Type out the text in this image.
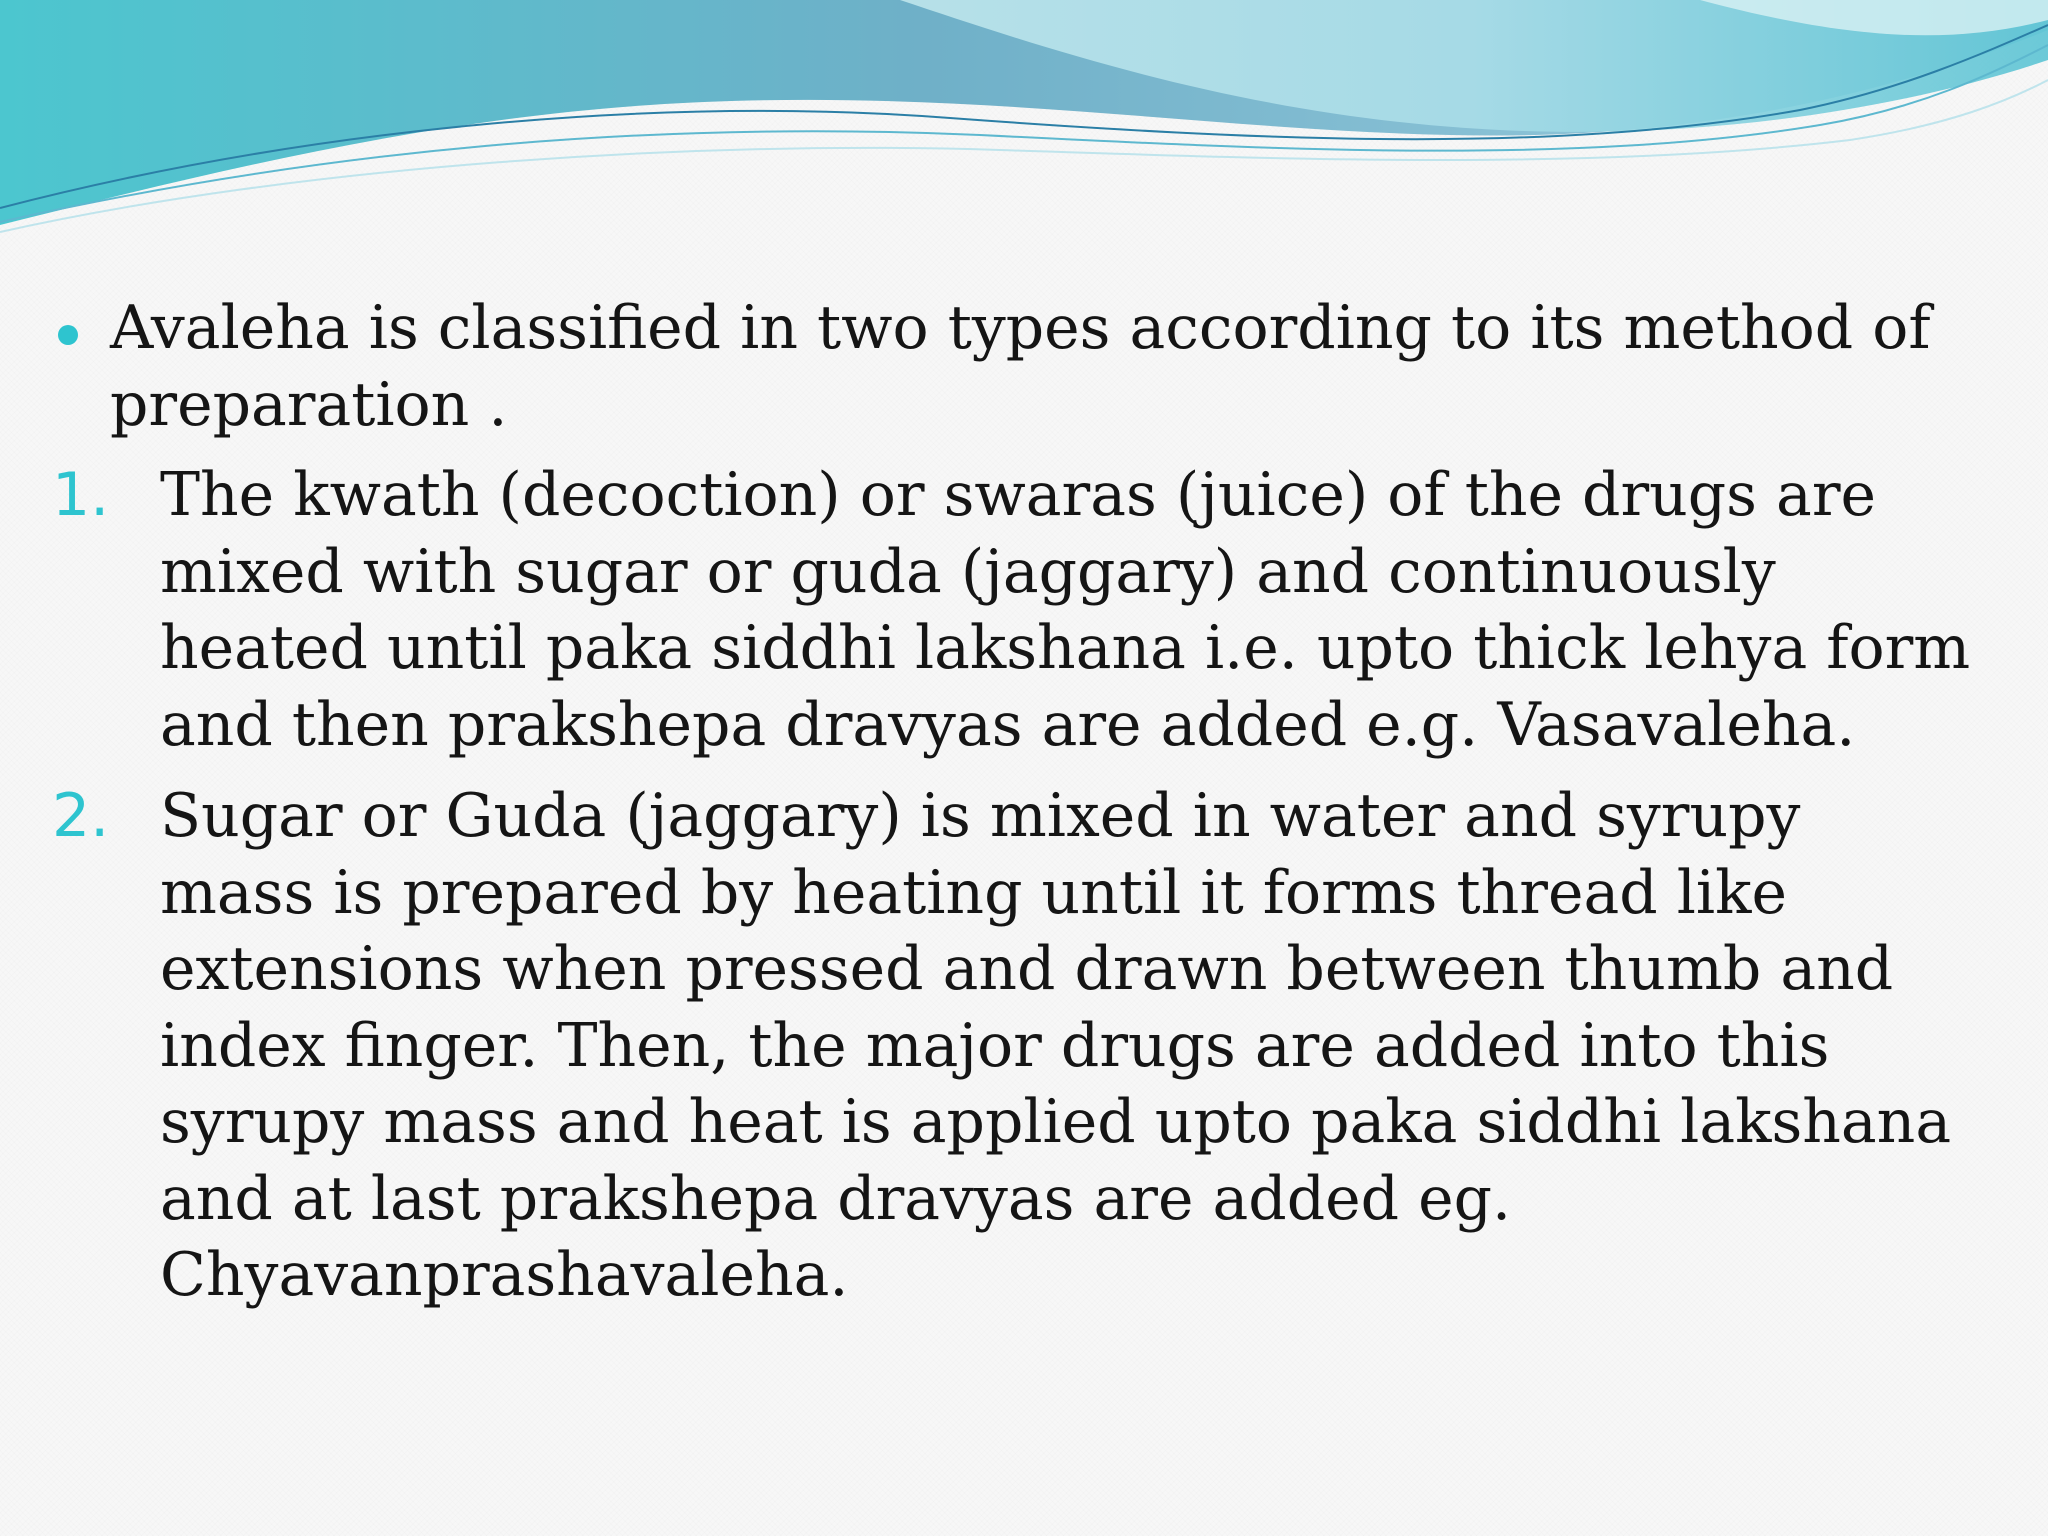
Avaleha is classified in two types according to its method of
preparation .

1. The kwath (decoction) or swaras (juice) of the drugs are
mixed with sugar or guda (jaggary) and continuously
heated until paka siddhi lakshana i.e. upto thick lehya form
and then prakshepa dravyas are added e.g. Vasavaleha.

2. Sugar or Guda (jaggary) is mixed in water and syrupy
mass is prepared by heating until it forms thread like
extensions when pressed and drawn between thumb and
index finger. Then, the major drugs are added into this
syrupy mass and heat is applied upto paka siddhi lakshana
and at last prakshepa dravyas are added eg.
Chyavanprashavaleha.
